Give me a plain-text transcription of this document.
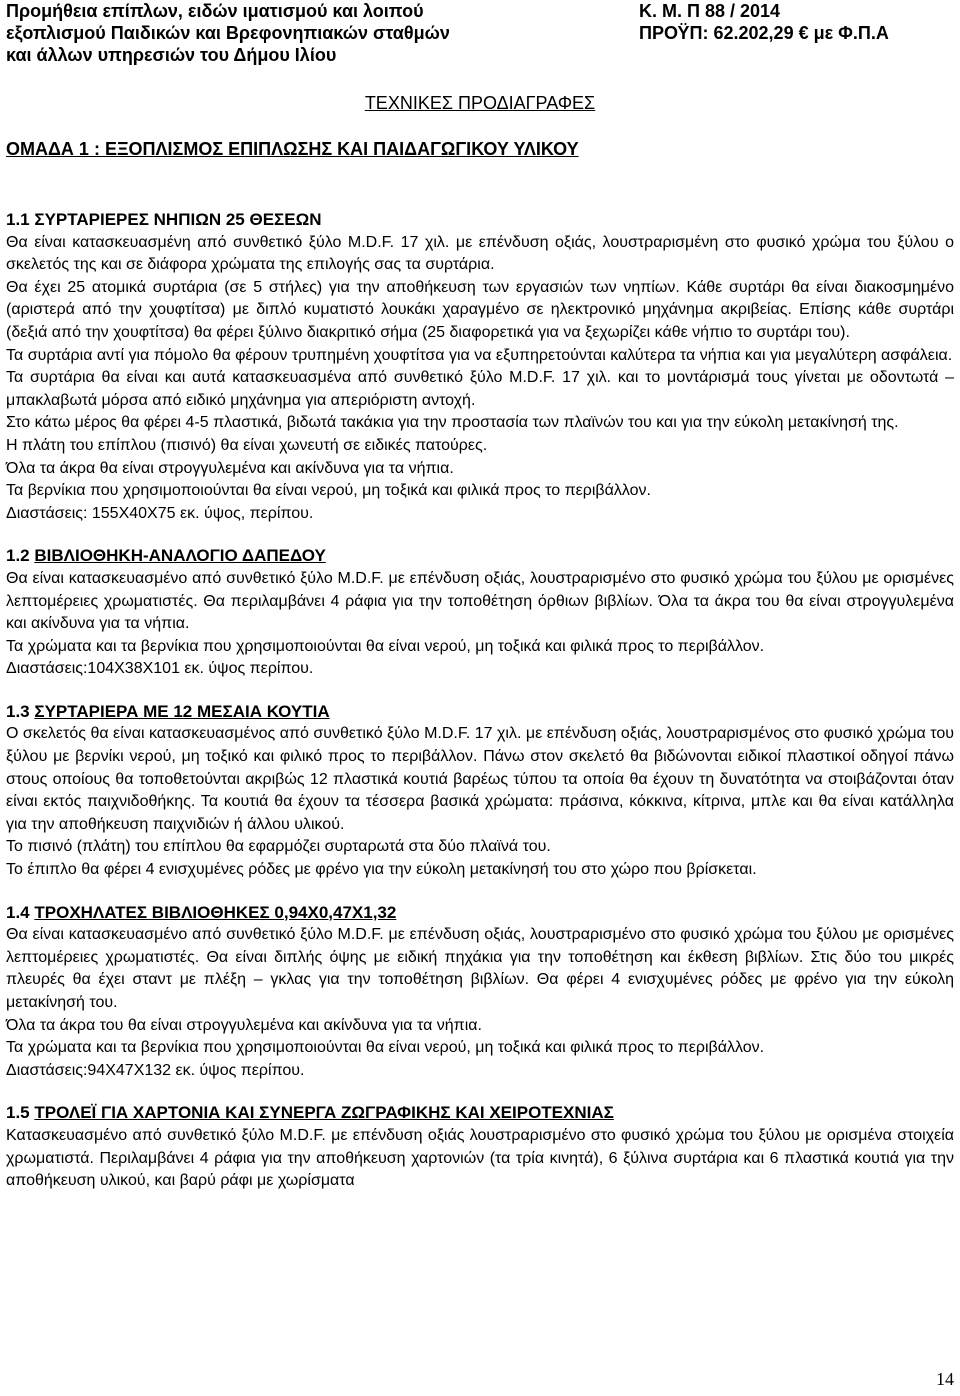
Προμήθεια επίπλων, ειδών ιματισμού και λοιπού
εξοπλισμού Παιδικών και Βρεφονηπιακών σταθμών
και άλλων υπηρεσιών του Δήμου Ιλίου
Κ. Μ. Π 88 / 2014
ΠΡΟΫΠ: 62.202,29 € με Φ.Π.Α
ΤΕΧΝΙΚΕΣ ΠΡΟΔΙΑΓΡΑΦΕΣ
ΟΜΑΔΑ 1 : ΕΞΟΠΛΙΣΜΟΣ ΕΠΙΠΛΩΣΗΣ ΚΑΙ ΠΑΙΔΑΓΩΓΙΚΟΥ ΥΛΙΚΟΥ
1.1 ΣΥΡΤΑΡΙΕΡΕΣ ΝΗΠΙΩΝ 25 ΘΕΣΕΩΝ

Θα είναι κατασκευασμένη από συνθετικό ξύλο M.D.F. 17 χιλ. με επένδυση οξιάς, λουστραρισμένη στο φυσικό χρώμα του ξύλου ο σκελετός της και σε διάφορα χρώματα της επιλογής σας τα συρτάρια.

Θα έχει 25 ατομικά συρτάρια (σε 5 στήλες) για την αποθήκευση των εργασιών των νηπίων. Κάθε συρτάρι θα είναι διακοσμημένο (αριστερά από την χουφτίτσα) με διπλό κυματιστό λουκάκι χαραγμένο σε ηλεκτρονικό μηχάνημα ακριβείας. Επίσης κάθε συρτάρι (δεξιά από την χουφτίτσα) θα φέρει ξύλινο διακριτικό σήμα (25 διαφορετικά για να ξεχωρίζει κάθε νήπιο το συρτάρι του).

Τα συρτάρια αντί για πόμολο θα φέρουν τρυπημένη χουφτίτσα για να εξυπηρετούνται καλύτερα τα νήπια και για μεγαλύτερη ασφάλεια.

Τα συρτάρια θα είναι και αυτά κατασκευασμένα από συνθετικό ξύλο M.D.F. 17 χιλ. και το μοντάρισμά τους γίνεται με οδοντωτά – μπακλαβωτά μόρσα από ειδικό μηχάνημα για απεριόριστη αντοχή.

Στο κάτω μέρος θα φέρει 4-5 πλαστικά, βιδωτά τακάκια για την προστασία των πλαϊνών του και για την εύκολη μετακίνησή της.

Η πλάτη του επίπλου (πισινό) θα είναι χωνευτή σε ειδικές πατούρες.

Όλα τα άκρα θα είναι στρογγυλεμένα και ακίνδυνα για τα νήπια.

Τα βερνίκια που χρησιμοποιούνται θα είναι νερού, μη τοξικά και φιλικά προς το περιβάλλον.

Διαστάσεις: 155Χ40Χ75 εκ. ύψος, περίπου.

1.2 ΒΙΒΛΙΟΘΗΚΗ-ΑΝΑΛΟΓΙΟ ΔΑΠΕΔΟΥ

Θα είναι κατασκευασμένο από συνθετικό ξύλο M.D.F. με επένδυση οξιάς, λουστραρισμένο στο φυσικό χρώμα του ξύλου με ορισμένες λεπτομέρειες χρωματιστές. Θα περιλαμβάνει 4 ράφια για την τοποθέτηση όρθιων βιβλίων. Όλα τα άκρα του θα είναι στρογγυλεμένα και ακίνδυνα για τα νήπια.

Τα χρώματα και τα βερνίκια που χρησιμοποιούνται θα είναι νερού, μη τοξικά και φιλικά προς το περιβάλλον.

Διαστάσεις:104Χ38Χ101 εκ. ύψος περίπου.

1.3 ΣΥΡΤΑΡΙΕΡΑ ΜΕ 12 ΜΕΣΑΙΑ ΚΟΥΤΙΑ

Ο σκελετός θα είναι κατασκευασμένος από συνθετικό ξύλο M.D.F. 17 χιλ. με επένδυση οξιάς, λουστραρισμένος στο φυσικό χρώμα του ξύλου με βερνίκι νερού, μη τοξικό και φιλικό προς το περιβάλλον. Πάνω στον σκελετό θα βιδώνονται ειδικοί πλαστικοί οδηγοί πάνω στους οποίους θα τοποθετούνται ακριβώς 12 πλαστικά κουτιά βαρέως τύπου τα οποία θα έχουν τη δυνατότητα να στοιβάζονται όταν είναι εκτός παιχνιδοθήκης. Τα κουτιά θα έχουν τα τέσσερα βασικά χρώματα: πράσινα, κόκκινα, κίτρινα, μπλε και θα είναι κατάλληλα για την αποθήκευση παιχνιδιών ή άλλου υλικού.

Το πισινό (πλάτη) του επίπλου θα εφαρμόζει συρταρωτά στα δύο πλαϊνά του.

Το έπιπλο θα φέρει 4 ενισχυμένες ρόδες με φρένο για την εύκολη μετακίνησή του στο χώρο που βρίσκεται.

1.4 ΤΡΟΧΗΛΑΤΕΣ ΒΙΒΛΙΟΘΗΚΕΣ 0,94Χ0,47Χ1,32

Θα είναι κατασκευασμένο από συνθετικό ξύλο M.D.F. με επένδυση οξιάς, λουστραρισμένο στο φυσικό χρώμα του ξύλου με ορισμένες λεπτομέρειες χρωματιστές. Θα είναι διπλής όψης με ειδική πηχάκια για την τοποθέτηση και έκθεση βιβλίων. Στις δύο του μικρές πλευρές θα έχει σταντ με πλέξη – γκλας για την τοποθέτηση βιβλίων. Θα φέρει 4 ενισχυμένες ρόδες με φρένο για την εύκολη μετακίνησή του.

Όλα τα άκρα του θα είναι στρογγυλεμένα και ακίνδυνα για τα νήπια.

Τα χρώματα και τα βερνίκια που χρησιμοποιούνται θα είναι νερού, μη τοξικά και φιλικά προς το περιβάλλον.

Διαστάσεις:94Χ47Χ132 εκ. ύψος περίπου.

1.5 ΤΡΟΛΕΪ ΓΙΑ ΧΑΡΤΟΝΙΑ ΚΑΙ ΣΥΝΕΡΓΑ ΖΩΓΡΑΦΙΚΗΣ ΚΑΙ ΧΕΙΡΟΤΕΧΝΙΑΣ

Κατασκευασμένο από συνθετικό ξύλο M.D.F. με επένδυση οξιάς λουστραρισμένο στο φυσικό χρώμα του ξύλου με ορισμένα στοιχεία χρωματιστά. Περιλαμβάνει 4 ράφια για την αποθήκευση χαρτονιών (τα τρία κινητά), 6 ξύλινα συρτάρια και 6 πλαστικά κουτιά για την αποθήκευση υλικού, και βαρύ ράφι με χωρίσματα

14
